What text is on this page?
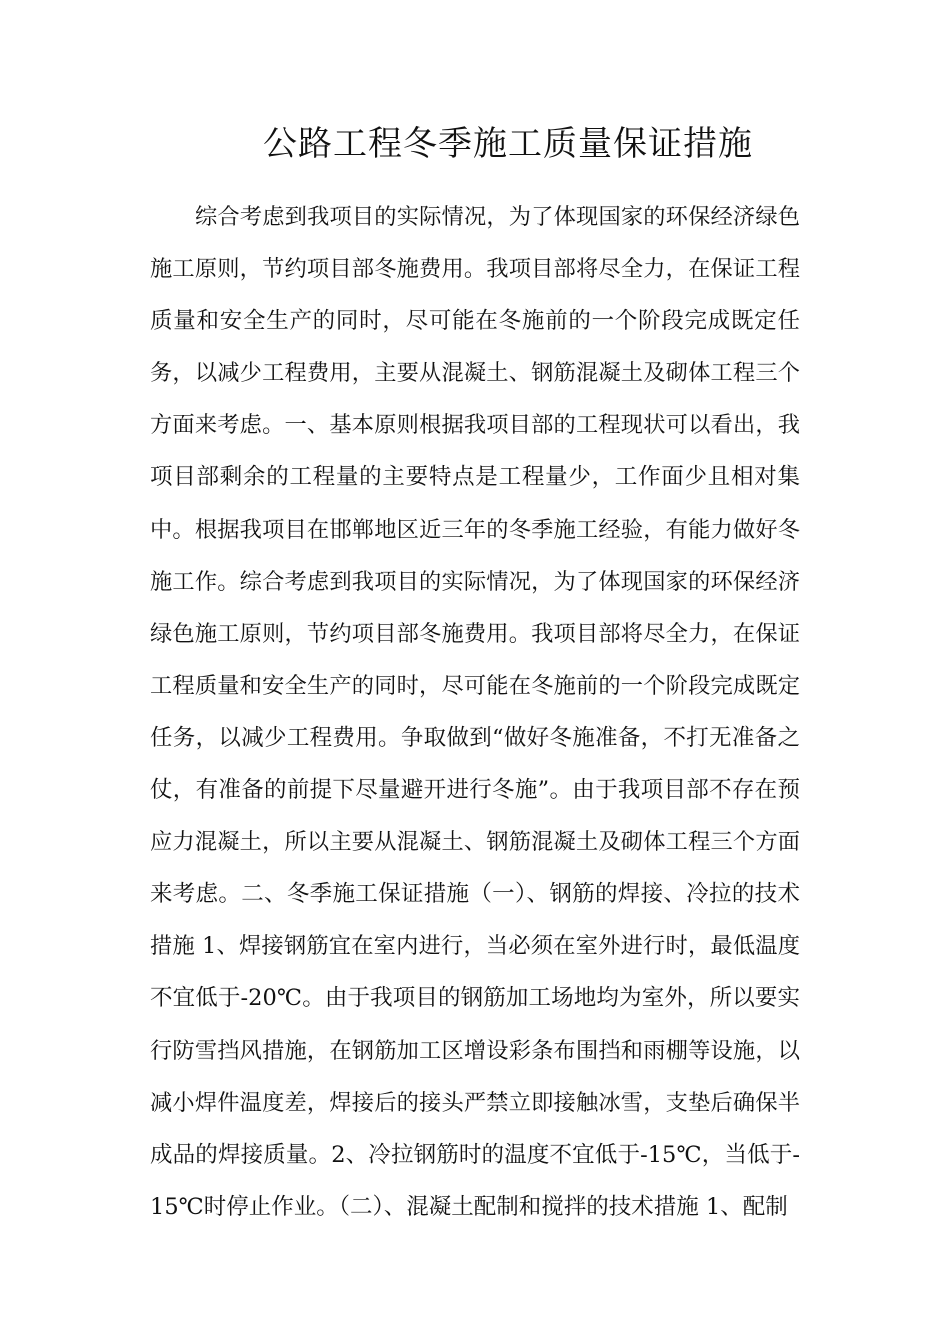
公路工程冬季施工质量保证措施
综合考虑到我项目的实际情况，为了体现国家的环保经济绿色
施工原则，节约项目部冬施费用。我项目部将尽全力，在保证工程
质量和安全生产的同时，尽可能在冬施前的一个阶段完成既定任
务，以减少工程费用，主要从混凝土、钢筋混凝土及砌体工程三个
方面来考虑。一、基本原则根据我项目部的工程现状可以看出，我
项目部剩余的工程量的主要特点是工程量少，工作面少且相对集
中。根据我项目在邯郸地区近三年的冬季施工经验，有能力做好冬
施工作。综合考虑到我项目的实际情况，为了体现国家的环保经济
绿色施工原则，节约项目部冬施费用。我项目部将尽全力，在保证
工程质量和安全生产的同时，尽可能在冬施前的一个阶段完成既定
任务，以减少工程费用。争取做到“做好冬施准备，不打无准备之
仗，有准备的前提下尽量避开进行冬施”。由于我项目部不存在预
应力混凝土，所以主要从混凝土、钢筋混凝土及砌体工程三个方面
来考虑。二、冬季施工保证措施（一）、钢筋的焊接、冷拉的技术
措施 1、焊接钢筋宜在室内进行，当必须在室外进行时，最低温度
不宜低于-20℃。由于我项目的钢筋加工场地均为室外，所以要实
行防雪挡风措施，在钢筋加工区增设彩条布围挡和雨棚等设施，以
减小焊件温度差，焊接后的接头严禁立即接触冰雪，支垫后确保半
成品的焊接质量。2、冷拉钢筋时的温度不宜低于-15℃，当低于-
15℃时停止作业。（二）、混凝土配制和搅拌的技术措施 1、配制
